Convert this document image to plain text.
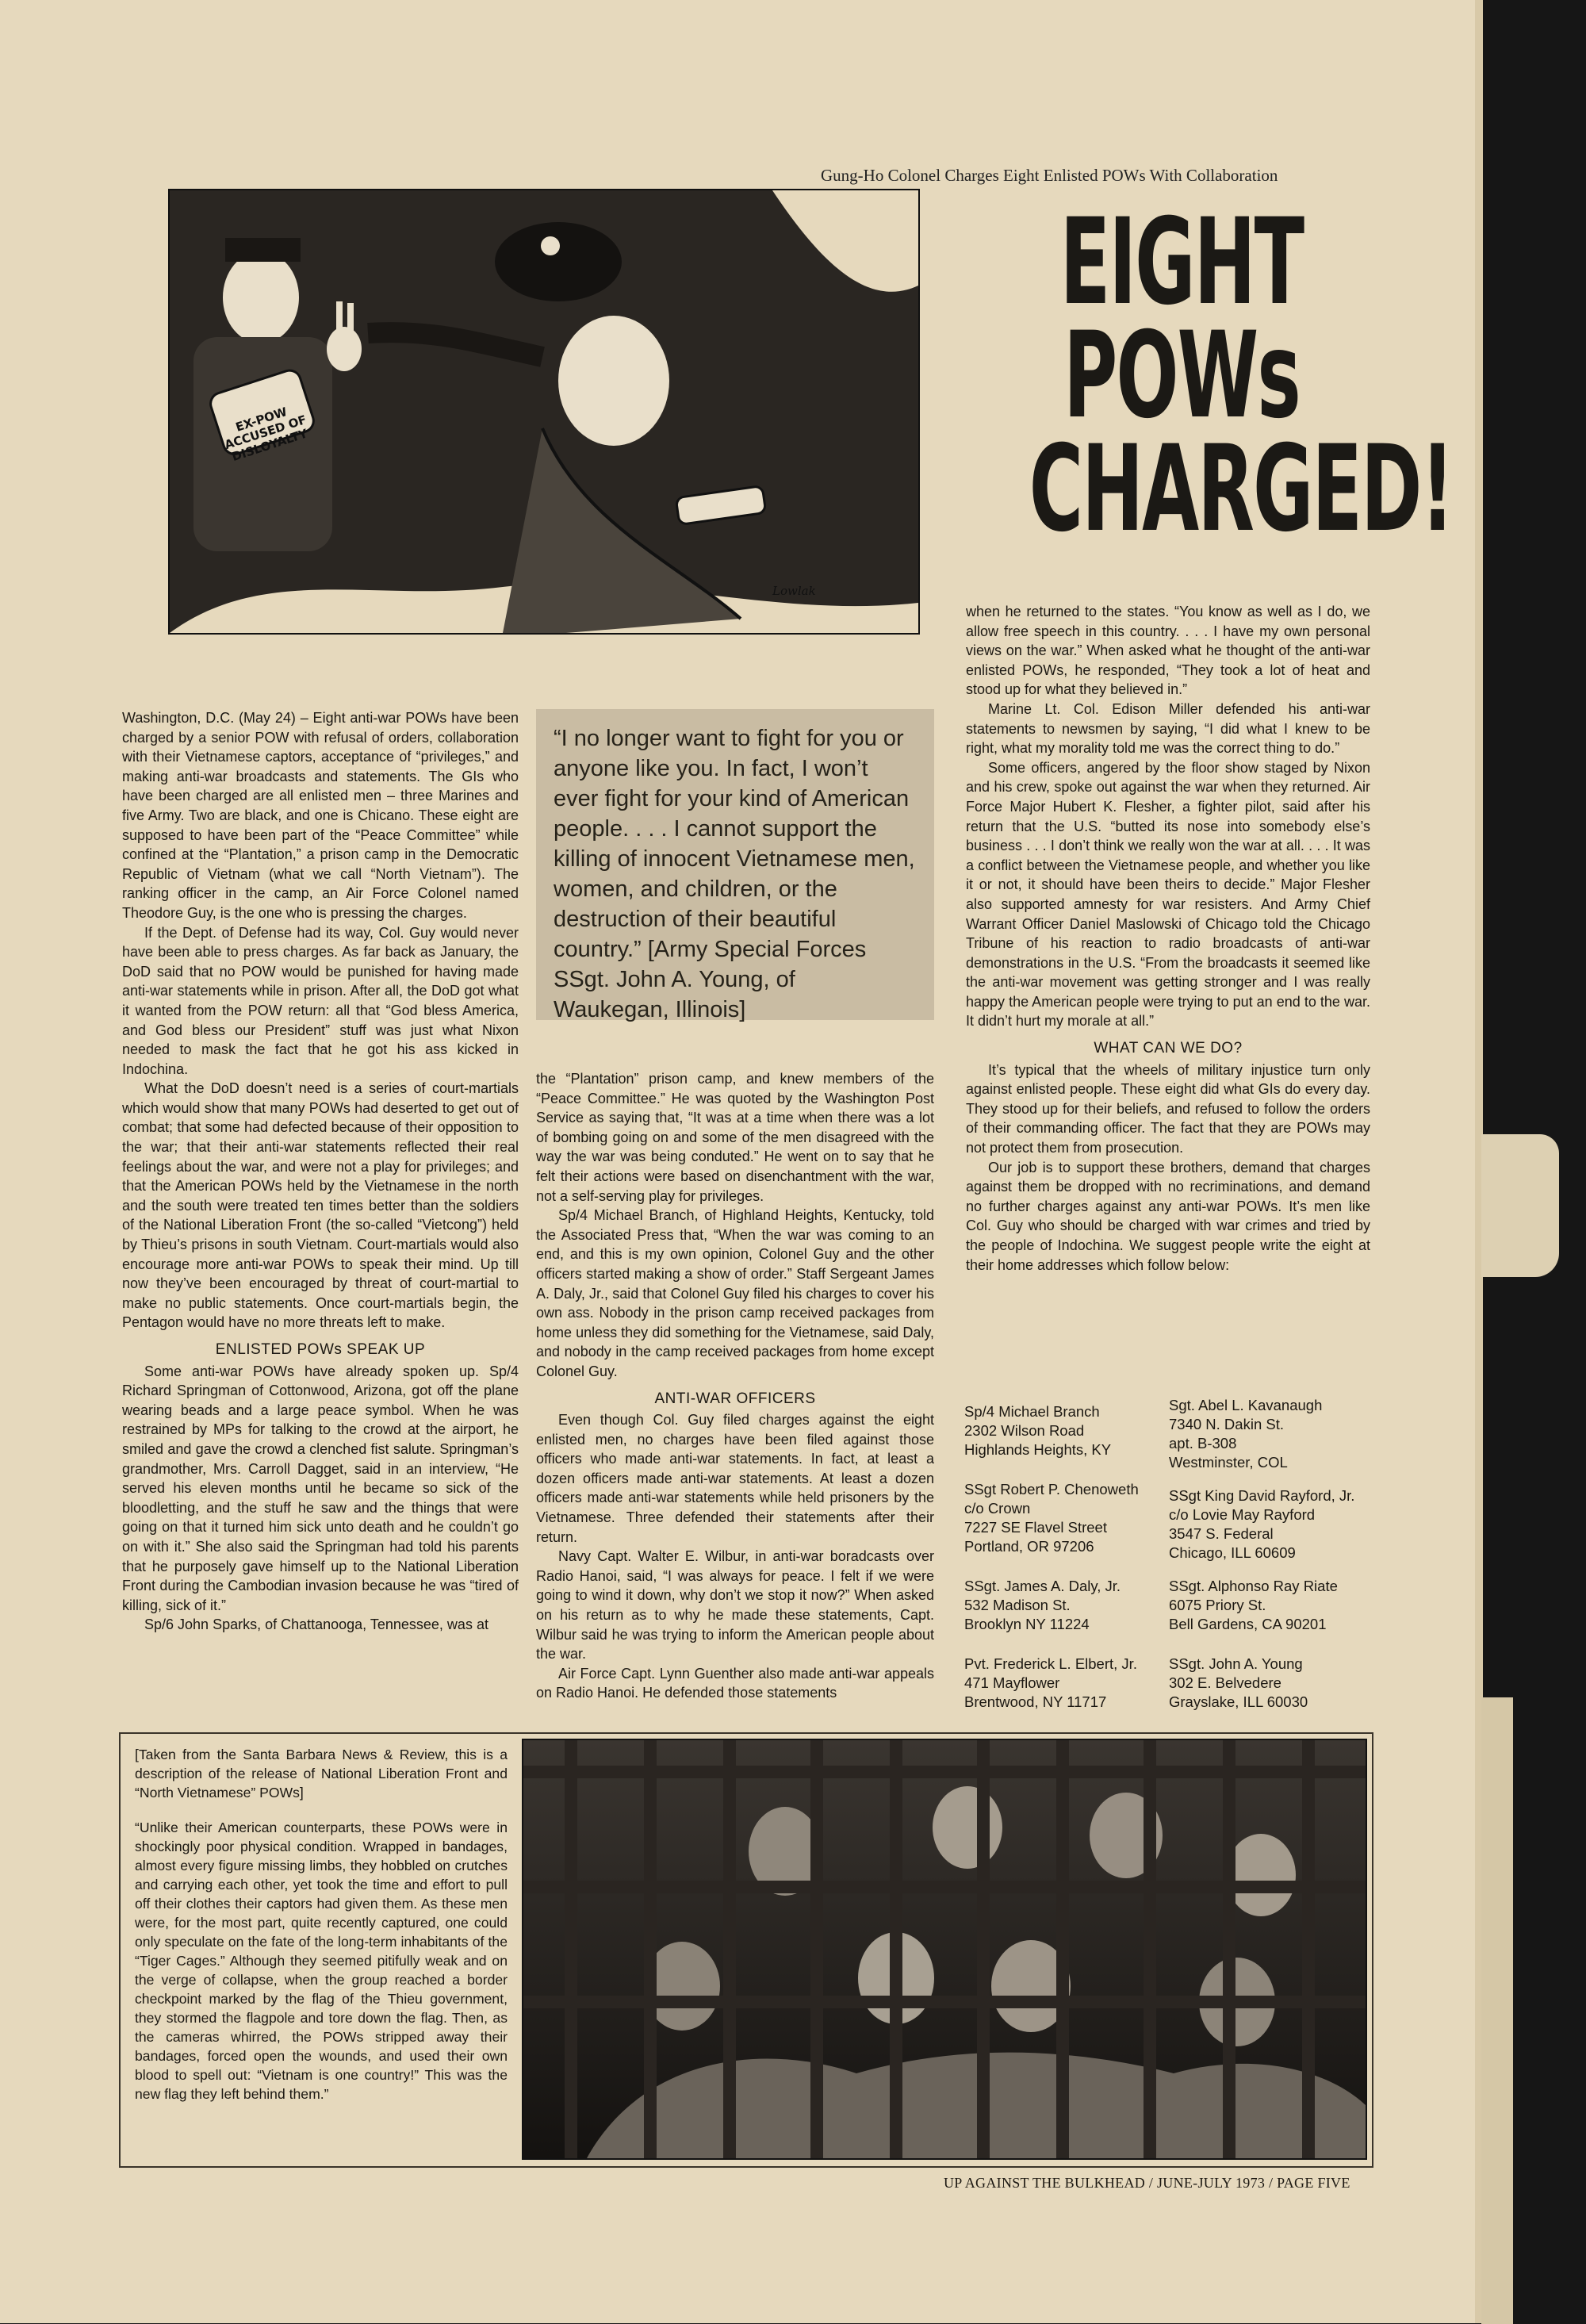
Gung-Ho Colonel Charges Eight Enlisted POWs With Collaboration
EIGHT
POWs
CHARGED!
EX-POW ACCUSED OF DISLOYALTY
Lowlak

Washington, D.C. (May 24) – Eight anti-war POWs have been charged by a senior POW with refusal of orders, collaboration with their Vietnamese captors, acceptance of “privileges,” and making anti-war broadcasts and statements. The GIs who have been charged are all enlisted men – three Marines and five Army. Two are black, and one is Chicano. These eight are supposed to have been part of the “Peace Committee” while confined at the “Plantation,” a prison camp in the Democratic Republic of Vietnam (what we call “North Vietnam”). The ranking officer in the camp, an Air Force Colonel named Theodore Guy, is the one who is pressing the charges.

If the Dept. of Defense had its way, Col. Guy would never have been able to press charges. As far back as January, the DoD said that no POW would be punished for having made anti-war statements while in prison. After all, the DoD got what it wanted from the POW return: all that “God bless America, and God bless our President” stuff was just what Nixon needed to mask the fact that he got his ass kicked in Indochina.

What the DoD doesn’t need is a series of court-martials which would show that many POWs had deserted to get out of combat; that some had defected because of their opposition to the war; that their anti-war statements reflected their real feelings about the war, and were not a play for privileges; and that the American POWs held by the Vietnamese in the north and the south were treated ten times better than the soldiers of the National Liberation Front (the so-called “Vietcong”) held by Thieu’s prisons in south Vietnam. Court-martials would also encourage more anti-war POWs to speak their mind. Up till now they’ve been encouraged by threat of court-martial to make no public statements. Once court-martials begin, the Pentagon would have no more threats left to make.

ENLISTED POWs SPEAK UP

Some anti-war POWs have already spoken up. Sp/4 Richard Springman of Cottonwood, Arizona, got off the plane wearing beads and a large peace symbol. When he was restrained by MPs for talking to the crowd at the airport, he smiled and gave the crowd a clenched fist salute. Springman’s grandmother, Mrs. Carroll Dagget, said in an interview, “He served his eleven months until he became so sick of the bloodletting, and the stuff he saw and the things that were going on that it turned him sick unto death and he couldn’t go on with it.” She also said the Springman had told his parents that he purposely gave himself up to the National Liberation Front during the Cambodian invasion because he was “tired of killing, sick of it.”

Sp/6 John Sparks, of Chattanooga, Tennessee, was at

“I no longer want to fight for you or anyone like you. In fact, I won’t ever fight for your kind of American people. . . . I cannot support the killing of innocent Vietnamese men, women, and children, or the destruction of their beautiful country.” [Army Special Forces SSgt. John A. Young, of Waukegan, Illinois]

the “Plantation” prison camp, and knew members of the “Peace Committee.” He was quoted by the Washington Post Service as saying that, “It was at a time when there was a lot of bombing going on and some of the men disagreed with the way the war was being conduted.” He went on to say that he felt their actions were based on disenchantment with the war, not a self-serving play for privileges.

Sp/4 Michael Branch, of Highland Heights, Kentucky, told the Associated Press that, “When the war was coming to an end, and this is my own opinion, Colonel Guy and the other officers started making a show of order.” Staff Sergeant James A. Daly, Jr., said that Colonel Guy filed his charges to cover his own ass. Nobody in the prison camp received packages from home unless they did something for the Vietnamese, said Daly, and nobody in the camp received packages from home except Colonel Guy.

ANTI-WAR OFFICERS

Even though Col. Guy filed charges against the eight enlisted men, no charges have been filed against those officers who made anti-war statements. In fact, at least a dozen officers made anti-war statements. At least a dozen officers made anti-war statements while held prisoners by the Vietnamese. Three defended their statements after their return.

Navy Capt. Walter E. Wilbur, in anti-war boradcasts over Radio Hanoi, said, “I was always for peace. I felt if we were going to wind it down, why don’t we stop it now?” When asked on his return as to why he made these statements, Capt. Wilbur said he was trying to inform the American people about the war.

Air Force Capt. Lynn Guenther also made anti-war appeals on Radio Hanoi. He defended those statements

when he returned to the states. “You know as well as I do, we allow free speech in this country. . . . I have my own personal views on the war.” When asked what he thought of the anti-war enlisted POWs, he responded, “They took a lot of heat and stood up for what they believed in.”

Marine Lt. Col. Edison Miller defended his anti-war statements to newsmen by saying, “I did what I knew to be right, what my morality told me was the correct thing to do.”

Some officers, angered by the floor show staged by Nixon and his crew, spoke out against the war when they returned. Air Force Major Hubert K. Flesher, a fighter pilot, said after his return that the U.S. “butted its nose into somebody else’s business . . . I don’t think we really won the war at all. . . . It was a conflict between the Vietnamese people, and whether you like it or not, it should have been theirs to decide.” Major Flesher also supported amnesty for war resisters. And Army Chief Warrant Officer Daniel Maslowski of Chicago told the Chicago Tribune of his reaction to radio broadcasts of anti-war demonstrations in the U.S. “From the broadcasts it seemed like the anti-war movement was getting stronger and I was really happy the American people were trying to put an end to the war. It didn’t hurt my morale at all.”

WHAT CAN WE DO?

It’s typical that the wheels of military injustice turn only against enlisted people. These eight did what GIs do every day. They stood up for their beliefs, and refused to follow the orders of their commanding officer. The fact that they are POWs may not protect them from prosecution.

Our job is to support these brothers, demand that charges against them be dropped with no recriminations, and demand no further charges against any anti-war POWs. It’s men like Col. Guy who should be charged with war crimes and tried by the people of Indochina. We suggest people write the eight at their home addresses which follow below:

Sp/4 Michael Branch
2302 Wilson Road
Highlands Heights, KY
SSgt Robert P. Chenoweth
c/o Crown
7227 SE Flavel Street
Portland, OR 97206
SSgt. James A. Daly, Jr.
532 Madison St.
Brooklyn NY 11224
Pvt. Frederick L. Elbert, Jr.
471 Mayflower
Brentwood, NY 11717
Sgt. Abel L. Kavanaugh
7340 N. Dakin St.
apt. B-308
Westminster, COL
SSgt King David Rayford, Jr.
c/o Lovie May Rayford
3547 S. Federal
Chicago, ILL 60609
SSgt. Alphonso Ray Riate
6075 Priory St.
Bell Gardens, CA 90201
SSgt. John A. Young
302 E. Belvedere
Grayslake, ILL 60030

[Taken from the Santa Barbara News & Review, this is a description of the release of National Liberation Front and “North Vietnamese” POWs]

“Unlike their American counterparts, these POWs were in shockingly poor physical condition. Wrapped in bandages, almost every figure missing limbs, they hobbled on crutches and carrying each other, yet took the time and effort to pull off their clothes their captors had given them. As these men were, for the most part, quite recently captured, one could only speculate on the fate of the long-term inhabitants of the “Tiger Cages.” Although they seemed pitifully weak and on the verge of collapse, when the group reached a border checkpoint marked by the flag of the Thieu government, they stormed the flagpole and tore down the flag. Then, as the cameras whirred, the POWs stripped away their bandages, forced open the wounds, and used their own blood to spell out: “Vietnam is one country!” This was the new flag they left behind them.”

UP AGAINST THE BULKHEAD / JUNE-JULY 1973 / PAGE FIVE
